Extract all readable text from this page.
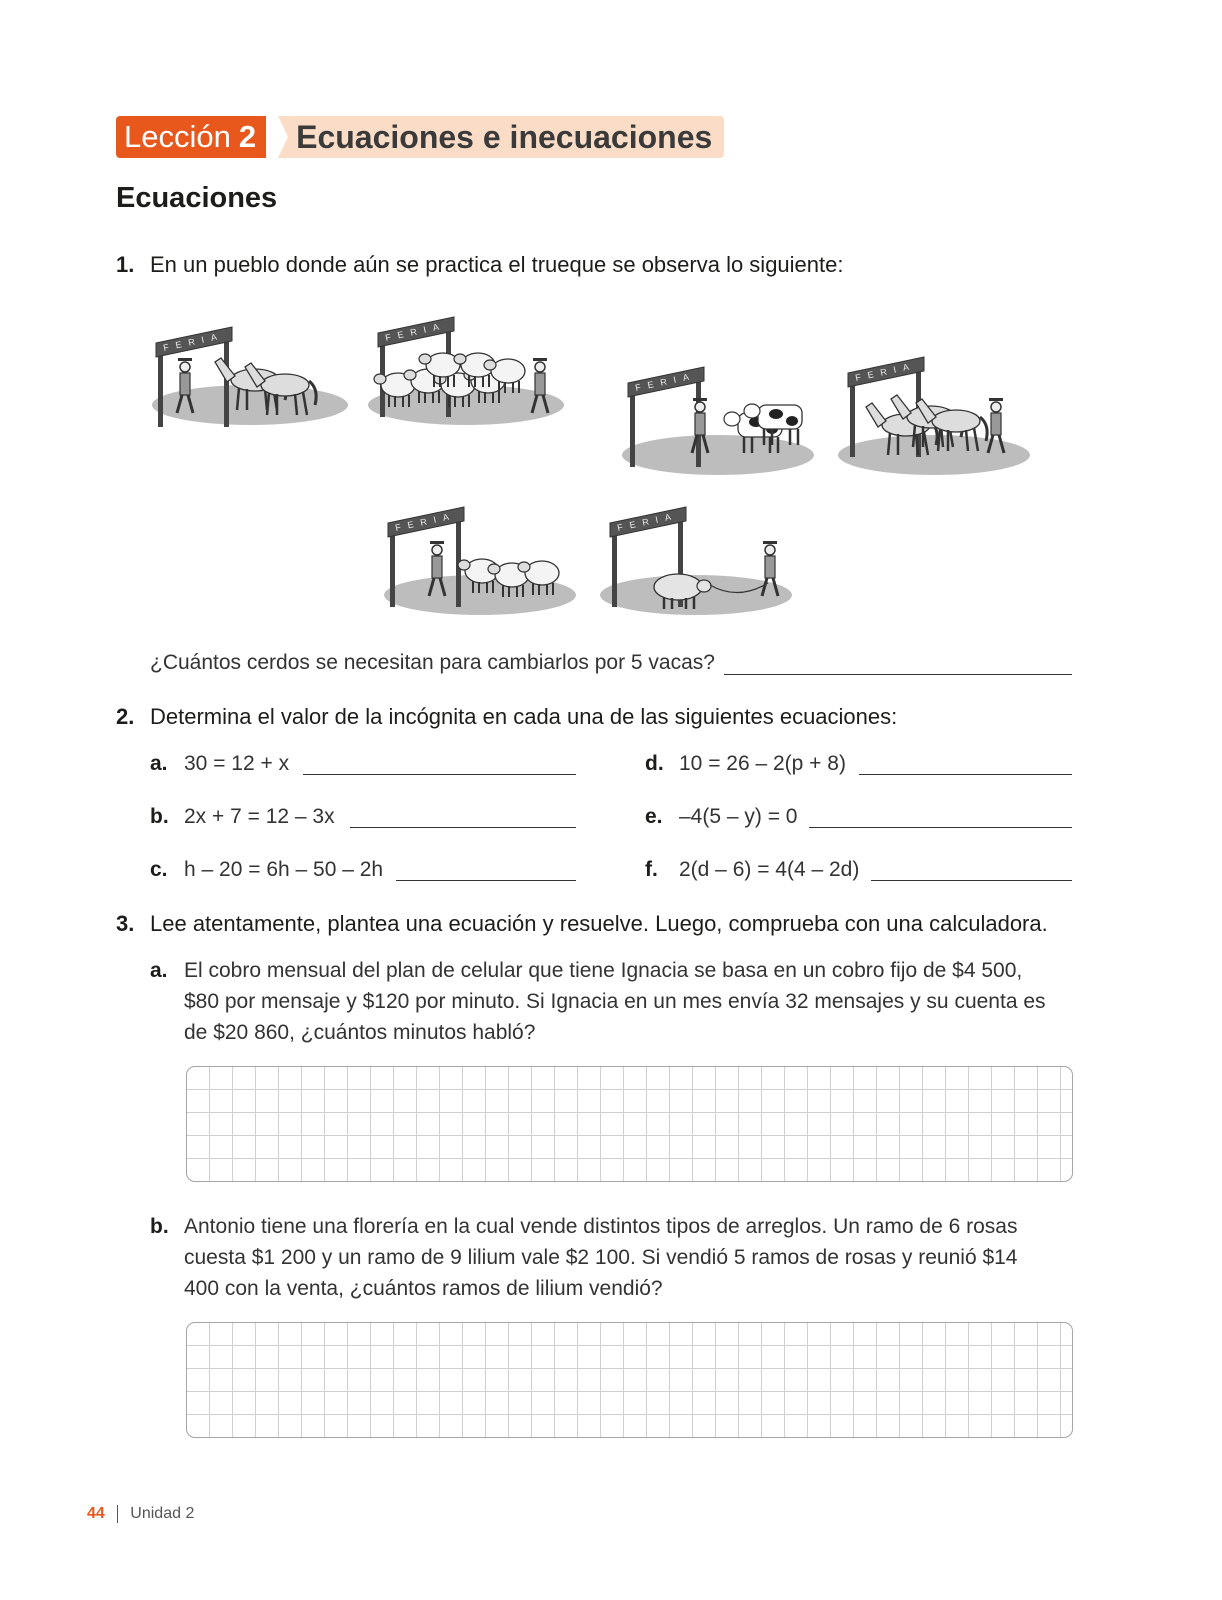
Lección 2	Ecuaciones e inecuaciones
Ecuaciones
1. En un pueblo donde aún se practica el trueque se observa lo siguiente:
FERIA	FERIA
FERIA	FERIA
FERIA	FERIA
¿Cuántos cerdos se necesitan para cambiarlos por 5 vacas?
2. Determina el valor de la incógnita en cada una de las siguientes ecuaciones:
a. 30 = 12 + x
b. 2x + 7 = 12 – 3x
c. h – 20 = 6h – 50 – 2h
d. 10 = 26 – 2(p + 8)
e. –4(5 – y) = 0
f. 2(d – 6) = 4(4 – 2d)
3. Lee atentamente, plantea una ecuación y resuelve. Luego, comprueba con una calculadora.
a. El cobro mensual del plan de celular que tiene Ignacia se basa en un cobro fijo de $4 500, $80 por mensaje y $120 por minuto. Si Ignacia en un mes envía 32 mensajes y su cuenta es de $20 860, ¿cuántos minutos habló?
b. Antonio tiene una florería en la cual vende distintos tipos de arreglos. Un ramo de 6 rosas cuesta $1 200 y un ramo de 9 lilium vale $2 100. Si vendió 5 ramos de rosas y reunió $14 400 con la venta, ¿cuántos ramos de lilium vendió?
44 Unidad 2
